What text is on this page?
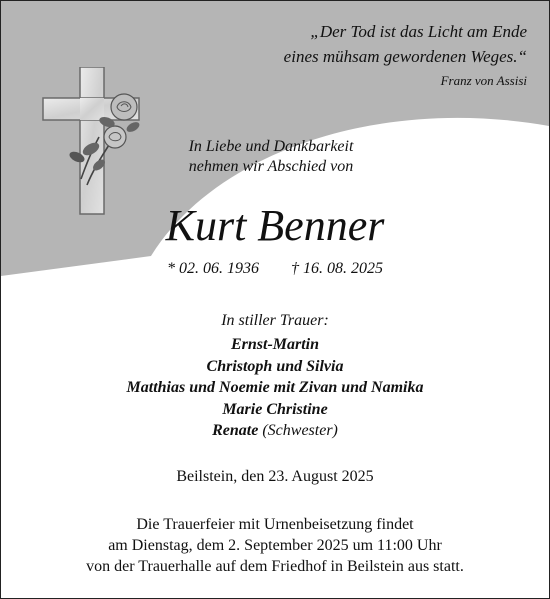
„Der Tod ist das Licht am Ende
eines mühsam gewordenen Weges.“
Franz von Assisi
In Liebe und Dankbarkeit
nehmen wir Abschied von
Kurt Benner
* 02. 06. 1936 † 16. 08. 2025
In stiller Trauer:
Ernst-Martin
Christoph und Silvia
Matthias und Noemie mit Zivan und Namika
Marie Christine
Renate (Schwester)
Beilstein, den 23. August 2025
Die Trauerfeier mit Urnenbeisetzung findet
am Dienstag, dem 2. September 2025 um 11:00 Uhr
von der Trauerhalle auf dem Friedhof in Beilstein aus statt.
